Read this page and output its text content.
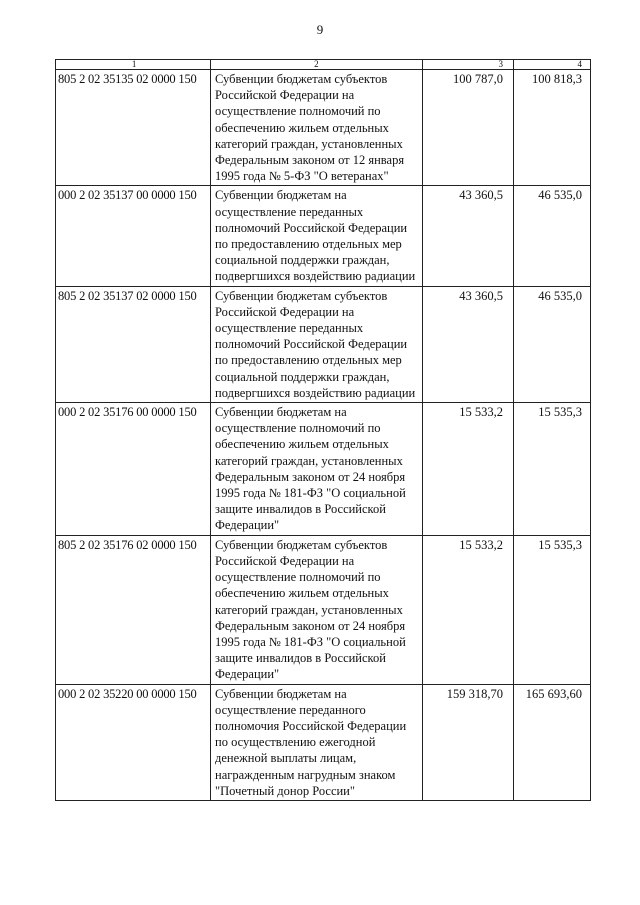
9
1	2	3	4
805 2 02 35135 02 0000 150	Субвенции бюджетам субъектов Российской Федерации на осуществление полномочий по обеспечению жильем отдельных категорий граждан, установленных Федеральным законом от 12 января 1995 года № 5-ФЗ "О ветеранах"	100 787,0	100 818,3
000 2 02 35137 00 0000 150	Субвенции бюджетам на осуществление переданных полномочий Российской Федерации по предоставлению отдельных мер социальной поддержки граждан, подвергшихся воздействию радиации	43 360,5	46 535,0
805 2 02 35137 02 0000 150	Субвенции бюджетам субъектов Российской Федерации на осуществление переданных полномочий Российской Федерации по предоставлению отдельных мер социальной поддержки граждан, подвергшихся воздействию радиации	43 360,5	46 535,0
000 2 02 35176 00 0000 150	Субвенции бюджетам на осуществление полномочий по обеспечению жильем отдельных категорий граждан, установленных Федеральным законом от 24 ноября 1995 года № 181-ФЗ "О социальной защите инвалидов в Российской Федерации"	15 533,2	15 535,3
805 2 02 35176 02 0000 150	Субвенции бюджетам субъектов Российской Федерации на осуществление полномочий по обеспечению жильем отдельных категорий граждан, установленных Федеральным законом от 24 ноября 1995 года № 181-ФЗ "О социальной защите инвалидов в Российской Федерации"	15 533,2	15 535,3
000 2 02 35220 00 0000 150	Субвенции бюджетам на осуществление переданного полномочия Российской Федерации по осуществлению ежегодной денежной выплаты лицам, награжденным нагрудным знаком "Почетный донор России"	159 318,70	165 693,60
